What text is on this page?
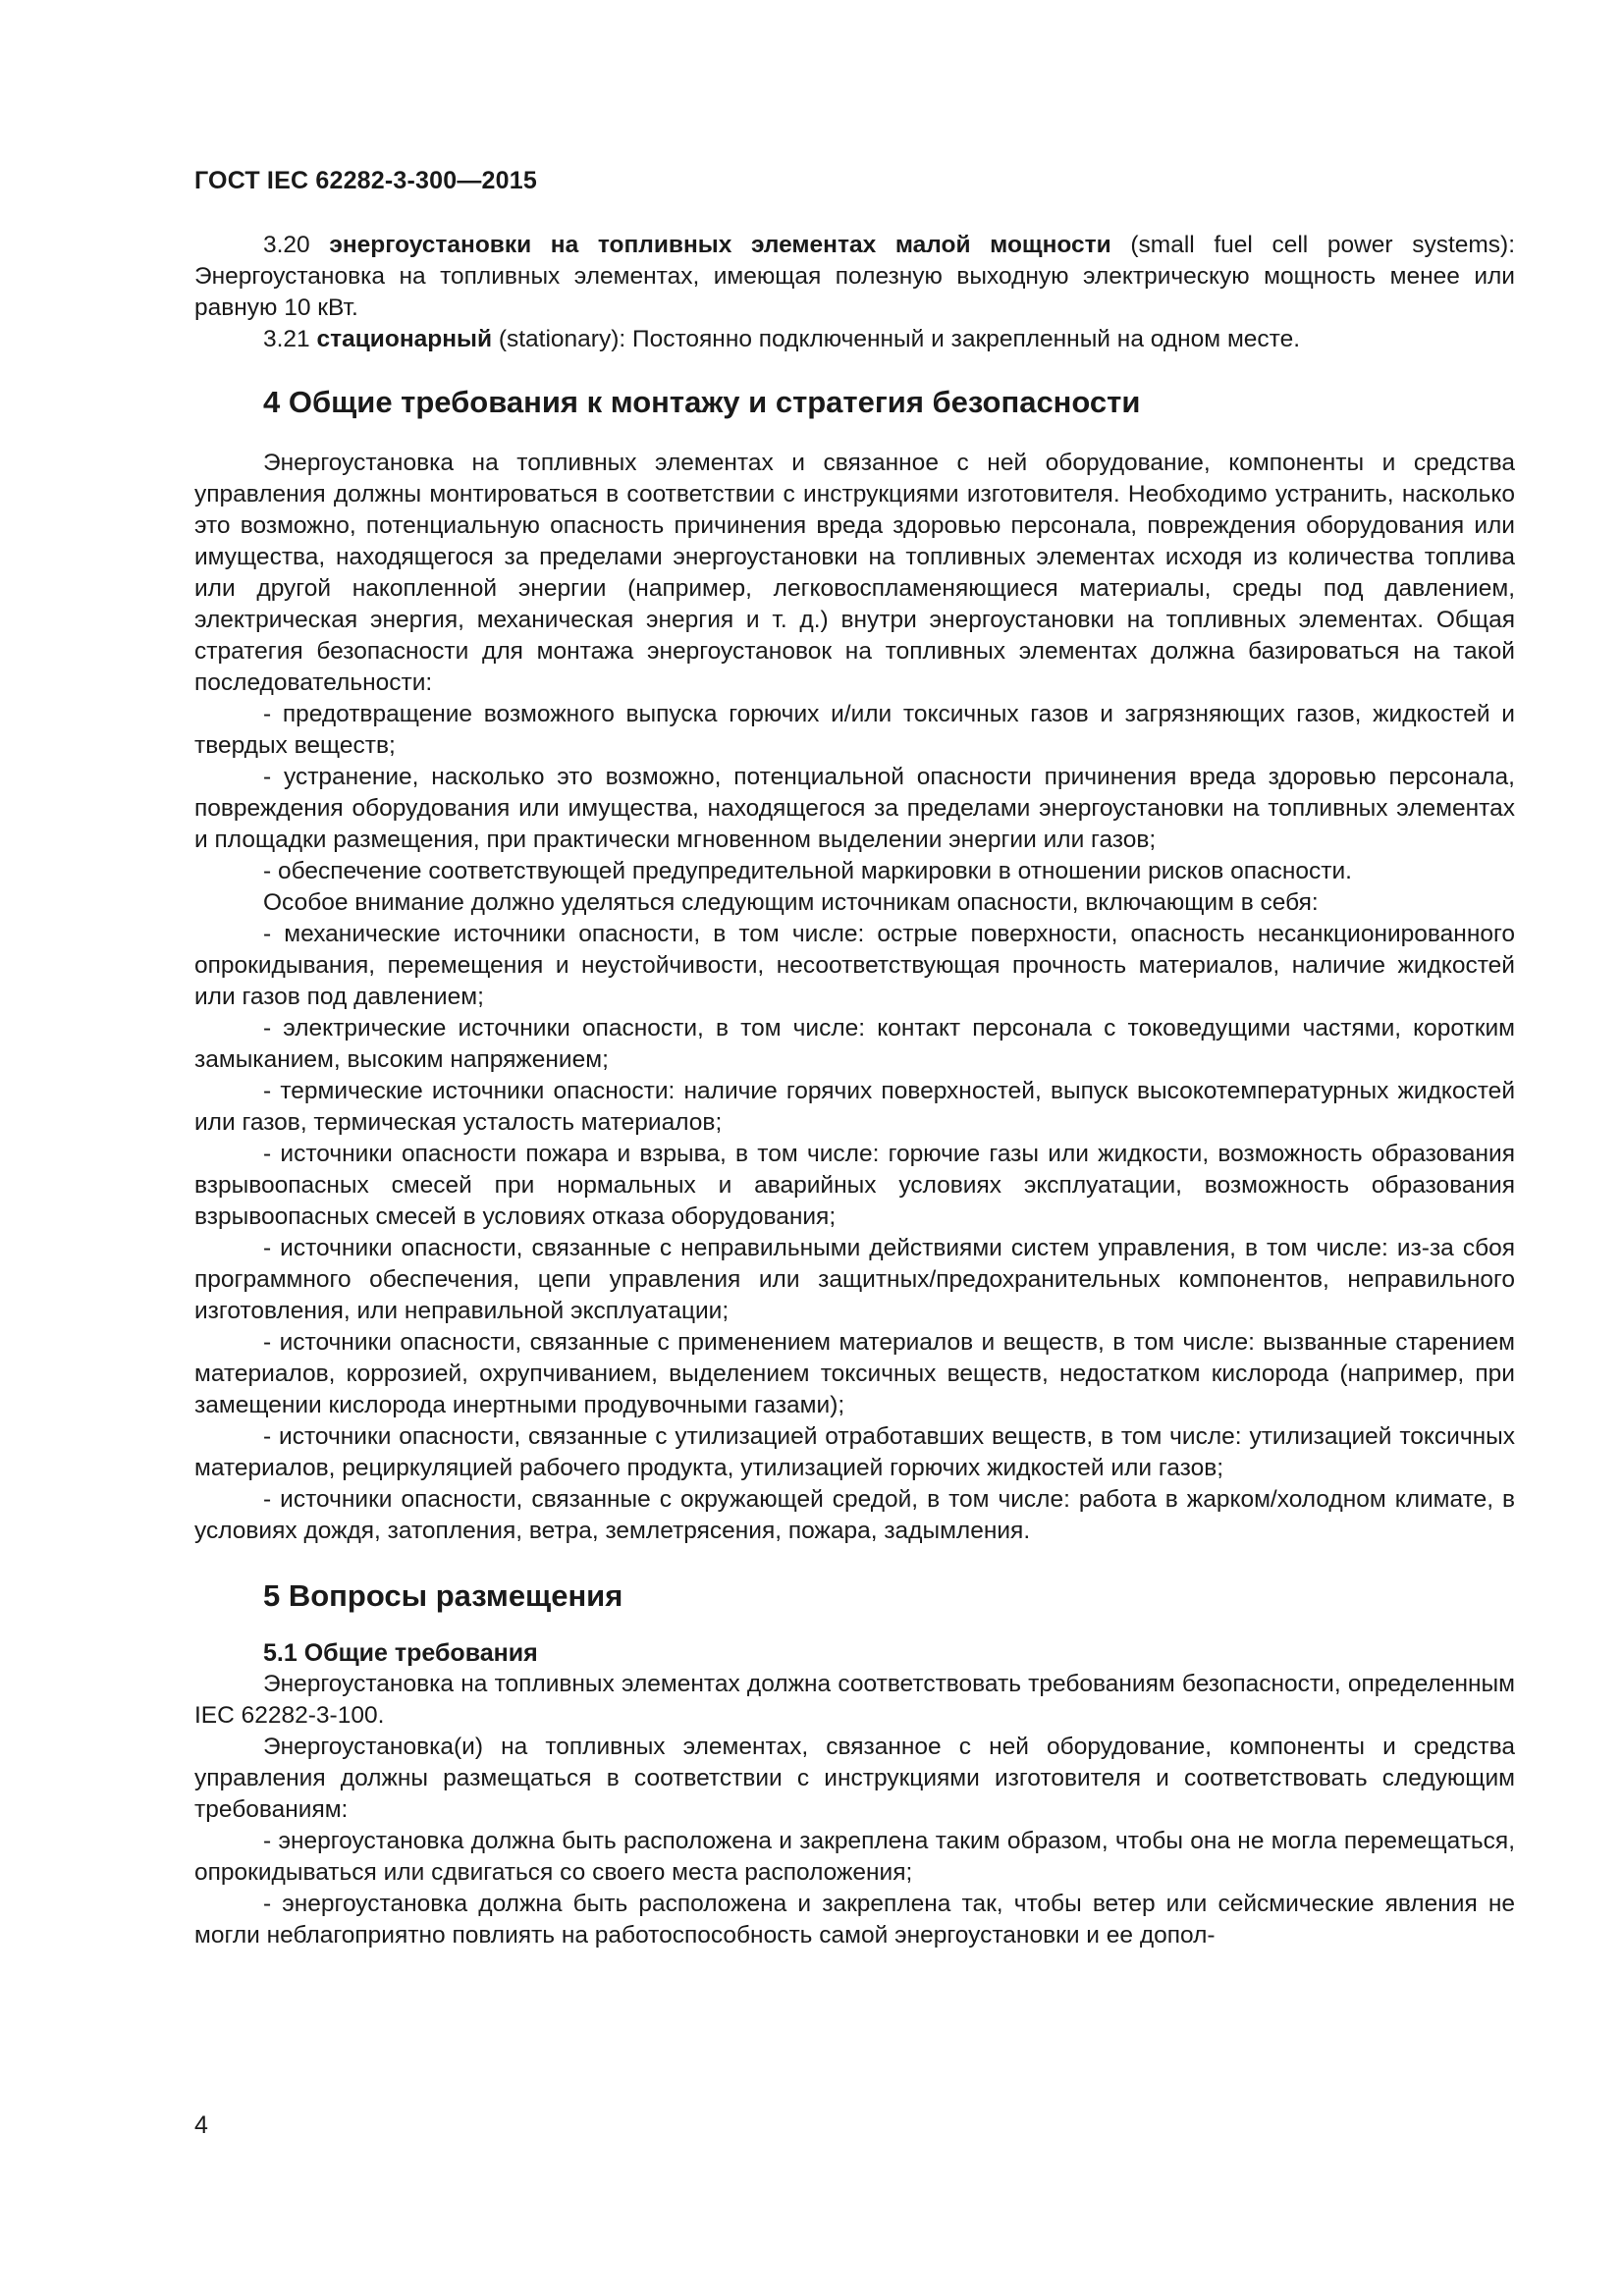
ГОСТ IEC 62282-3-300—2015

3.20 энергоустановки на топливных элементах малой мощности (small fuel cell power systems): Энергоустановка на топливных элементах, имеющая полезную выходную электрическую мощность менее или равную 10 кВт.

3.21 стационарный (stationary): Постоянно подключенный и закрепленный на одном месте.

4 Общие требования к монтажу и стратегия безопасности

Энергоустановка на топливных элементах и связанное с ней оборудование, компоненты и средства управления должны монтироваться в соответствии с инструкциями изготовителя. Необходимо устранить, насколько это возможно, потенциальную опасность причинения вреда здоровью персонала, повреждения оборудования или имущества, находящегося за пределами энергоустановки на топливных элементах исходя из количества топлива или другой накопленной энергии (например, легковоспламеняющиеся материалы, среды под давлением, электрическая энергия, механическая энергия и т. д.) внутри энергоустановки на топливных элементах. Общая стратегия безопасности для монтажа энергоустановок на топливных элементах должна базироваться на такой последовательности:

- предотвращение возможного выпуска горючих и/или токсичных газов и загрязняющих газов, жидкостей и твердых веществ;

- устранение, насколько это возможно, потенциальной опасности причинения вреда здоровью персонала, повреждения оборудования или имущества, находящегося за пределами энергоустановки на топливных элементах и площадки размещения, при практически мгновенном выделении энергии или газов;

- обеспечение соответствующей предупредительной маркировки в отношении рисков опасности.

Особое внимание должно уделяться следующим источникам опасности, включающим в себя:

- механические источники опасности, в том числе: острые поверхности, опасность несанкционированного опрокидывания, перемещения и неустойчивости, несоответствующая прочность материалов, наличие жидкостей или газов под давлением;

- электрические источники опасности, в том числе: контакт персонала с токоведущими частями, коротким замыканием, высоким напряжением;

- термические источники опасности: наличие горячих поверхностей, выпуск высокотемпературных жидкостей или газов, термическая усталость материалов;

- источники опасности пожара и взрыва, в том числе: горючие газы или жидкости, возможность образования взрывоопасных смесей при нормальных и аварийных условиях эксплуатации, возможность образования взрывоопасных смесей в условиях отказа оборудования;

- источники опасности, связанные с неправильными действиями систем управления, в том числе: из-за сбоя программного обеспечения, цепи управления или защитных/предохранительных компонентов, неправильного изготовления, или неправильной эксплуатации;

- источники опасности, связанные с применением материалов и веществ, в том числе: вызванные старением материалов, коррозией, охрупчиванием, выделением токсичных веществ, недостатком кислорода (например, при замещении кислорода инертными продувочными газами);

- источники опасности, связанные с утилизацией отработавших веществ, в том числе: утилизацией токсичных материалов, рециркуляцией рабочего продукта, утилизацией горючих жидкостей или газов;

- источники опасности, связанные с окружающей средой, в том числе: работа в жарком/холодном климате, в условиях дождя, затопления, ветра, землетрясения, пожара, задымления.

5 Вопросы размещения
5.1 Общие требования

Энергоустановка на топливных элементах должна соответствовать требованиям безопасности, определенным IEC 62282-3-100.

Энергоустановка(и) на топливных элементах, связанное с ней оборудование, компоненты и средства управления должны размещаться в соответствии с инструкциями изготовителя и соответствовать следующим требованиям:

- энергоустановка должна быть расположена и закреплена таким образом, чтобы она не могла перемещаться, опрокидываться или сдвигаться со своего места расположения;

- энергоустановка должна быть расположена и закреплена так, чтобы ветер или сейсмические явления не могли неблагоприятно повлиять на работоспособность самой энергоустановки и ее допол-

4
